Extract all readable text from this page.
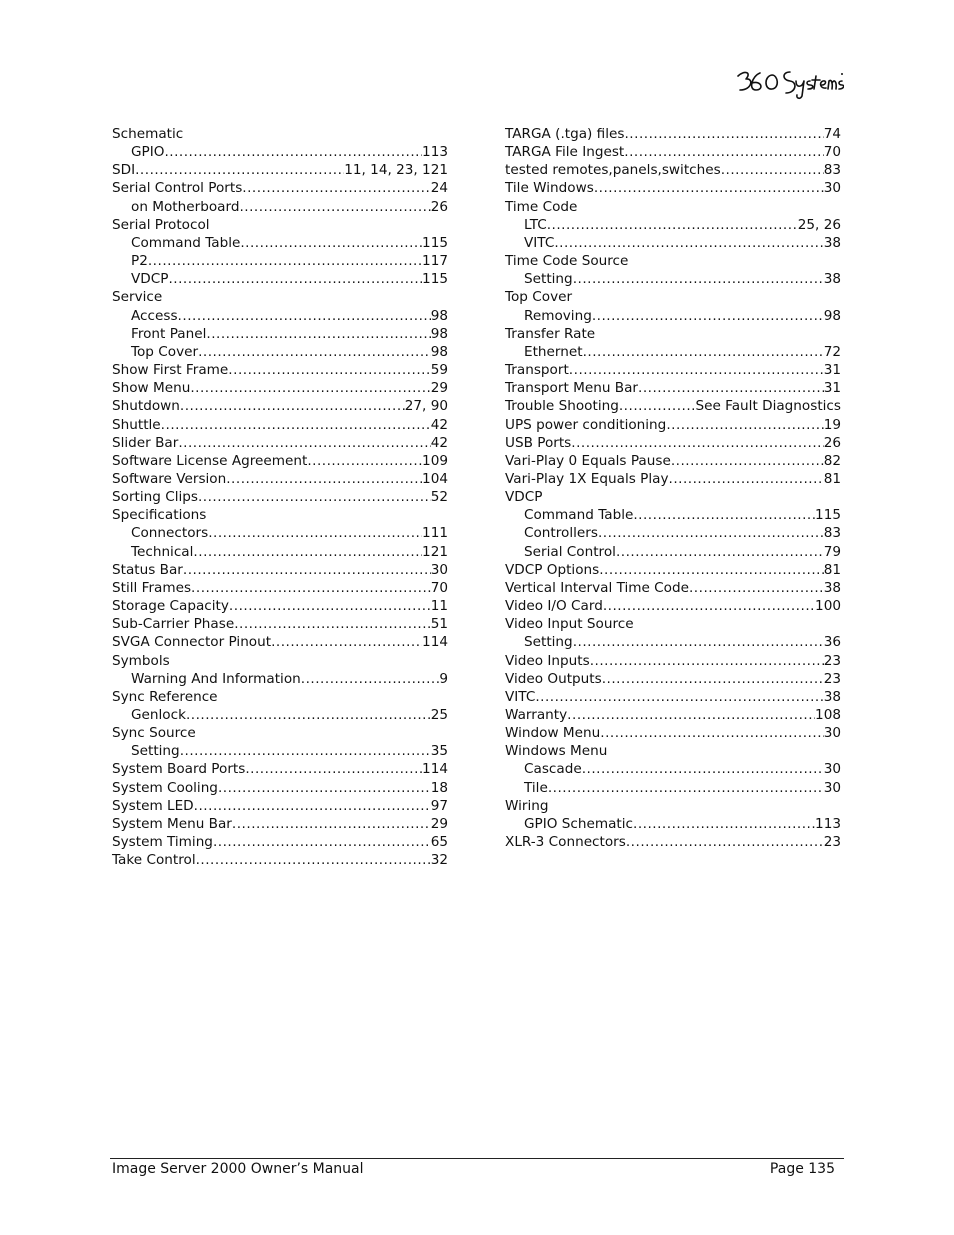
Schematic
GPIO .....	113
SDI .....	11, 14, 23, 121
Serial Control Ports .....	24
on Motherboard .....	26
Serial Protocol
Command Table .....	115
P2 .....	117
VDCP .....	115
Service
Access .....	98
Front Panel .....	98
Top Cover .....	98
Show First Frame .....	59
Show Menu .....	29
Shutdown .....	27, 90
Shuttle .....	42
Slider Bar .....	42
Software License Agreement .....	109
Software Version .....	104
Sorting Clips .....	52
Specifications
Connectors .....	111
Technical .....	121
Status Bar .....	30
Still Frames .....	70
Storage Capacity .....	11
Sub-Carrier Phase .....	51
SVGA Connector Pinout .....	114
Symbols
Warning And Information .....	9
Sync Reference
Genlock .....	25
Sync Source
Setting .....	35
System Board Ports .....	114
System Cooling .....	18
System LED .....	97
System Menu Bar .....	29
System Timing .....	65
Take Control .....	32
TARGA (.tga) files .....	74
TARGA File Ingest .....	70
tested remotes,panels,switches .....	83
Tile Windows .....	30
Time Code
LTC .....	25, 26
VITC .....	38
Time Code Source
Setting .....	38
Top Cover
Removing .....	98
Transfer Rate
Ethernet .....	72
Transport .....	31
Transport Menu Bar .....	31
Trouble Shooting .....	See Fault Diagnostics
UPS power conditioning .....	19
USB Ports .....	26
Vari-Play 0 Equals Pause .....	82
Vari-Play 1X Equals Play .....	81
VDCP
Command Table .....	115
Controllers .....	83
Serial Control .....	79
VDCP Options .....	81
Vertical Interval Time Code .....	38
Video I/O Card .....	100
Video Input Source
Setting .....	36
Video Inputs .....	23
Video Outputs .....	23
VITC .....	38
Warranty .....	108
Window Menu .....	30
Windows Menu
Cascade .....	30
Tile .....	30
Wiring
GPIO Schematic .....	113
XLR-3 Connectors .....	23
Image Server 2000 Owner’s Manual	Page 135
